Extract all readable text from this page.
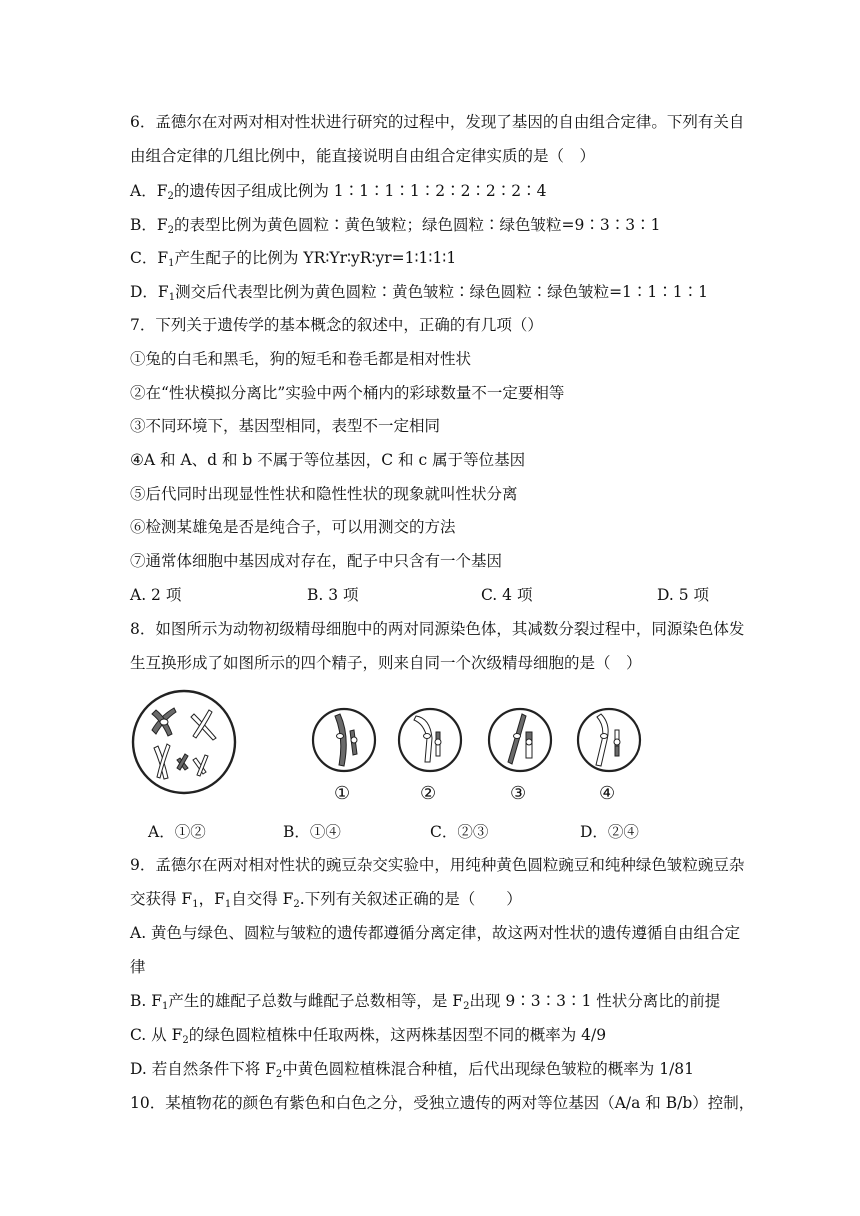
6．孟德尔在对两对相对性状进行研究的过程中，发现了基因的自由组合定律。下列有关自
由组合定律的几组比例中，能直接说明自由组合定律实质的是（　）
A．$F_2$的遗传因子组成比例为 1∶1∶1∶1∶2∶2∶2∶2∶4
B．$F_2$的表型比例为黄色圆粒∶黄色皱粒；绿色圆粒∶绿色皱粒=9∶3∶3∶1
C．$F_1$产生配子的比例为 YR∶Yr∶yR∶yr=1∶1∶1∶1
D．$F_1$测交后代表型比例为黄色圆粒∶黄色皱粒∶绿色圆粒∶绿色皱粒=1∶1∶1∶1
7．下列关于遗传学的基本概念的叙述中，正确的有几项（）
①兔的白毛和黑毛，狗的短毛和卷毛都是相对性状
②在“性状模拟分离比”实验中两个桶内的彩球数量不一定要相等
③不同环境下，基因型相同，表型不一定相同
④A 和 A、d 和 b 不属于等位基因，C 和 c 属于等位基因
⑤后代同时出现显性性状和隐性性状的现象就叫性状分离
⑥检测某雄兔是否是纯合子，可以用测交的方法
⑦通常体细胞中基因成对存在，配子中只含有一个基因
A. 2 项	B. 3 项	C. 4 项	D. 5 项
8．如图所示为动物初级精母细胞中的两对同源染色体，其减数分裂过程中，同源染色体发
生互换形成了如图所示的四个精子，则来自同一个次级精母细胞的是（　）
①	②	③	④
A．①②	B．①④	C．②③	D．②④
9．孟德尔在两对相对性状的豌豆杂交实验中，用纯种黄色圆粒豌豆和纯种绿色皱粒豌豆杂
交获得 $F_1$，$F_1$自交得 $F_2$.下列有关叙述正确的是（　　）
A. 黄色与绿色、圆粒与皱粒的遗传都遵循分离定律，故这两对性状的遗传遵循自由组合定
律
B. $F_1$产生的雄配子总数与雌配子总数相等，是 $F_2$出现 9∶3∶3∶1 性状分离比的前提
C. 从 $F_2$的绿色圆粒植株中任取两株，这两株基因型不同的概率为 4/9
D. 若自然条件下将 $F_2$中黄色圆粒植株混合种植，后代出现绿色皱粒的概率为 1/81
10．某植物花的颜色有紫色和白色之分，受独立遗传的两对等位基因（A/a 和 B/b）控制，
